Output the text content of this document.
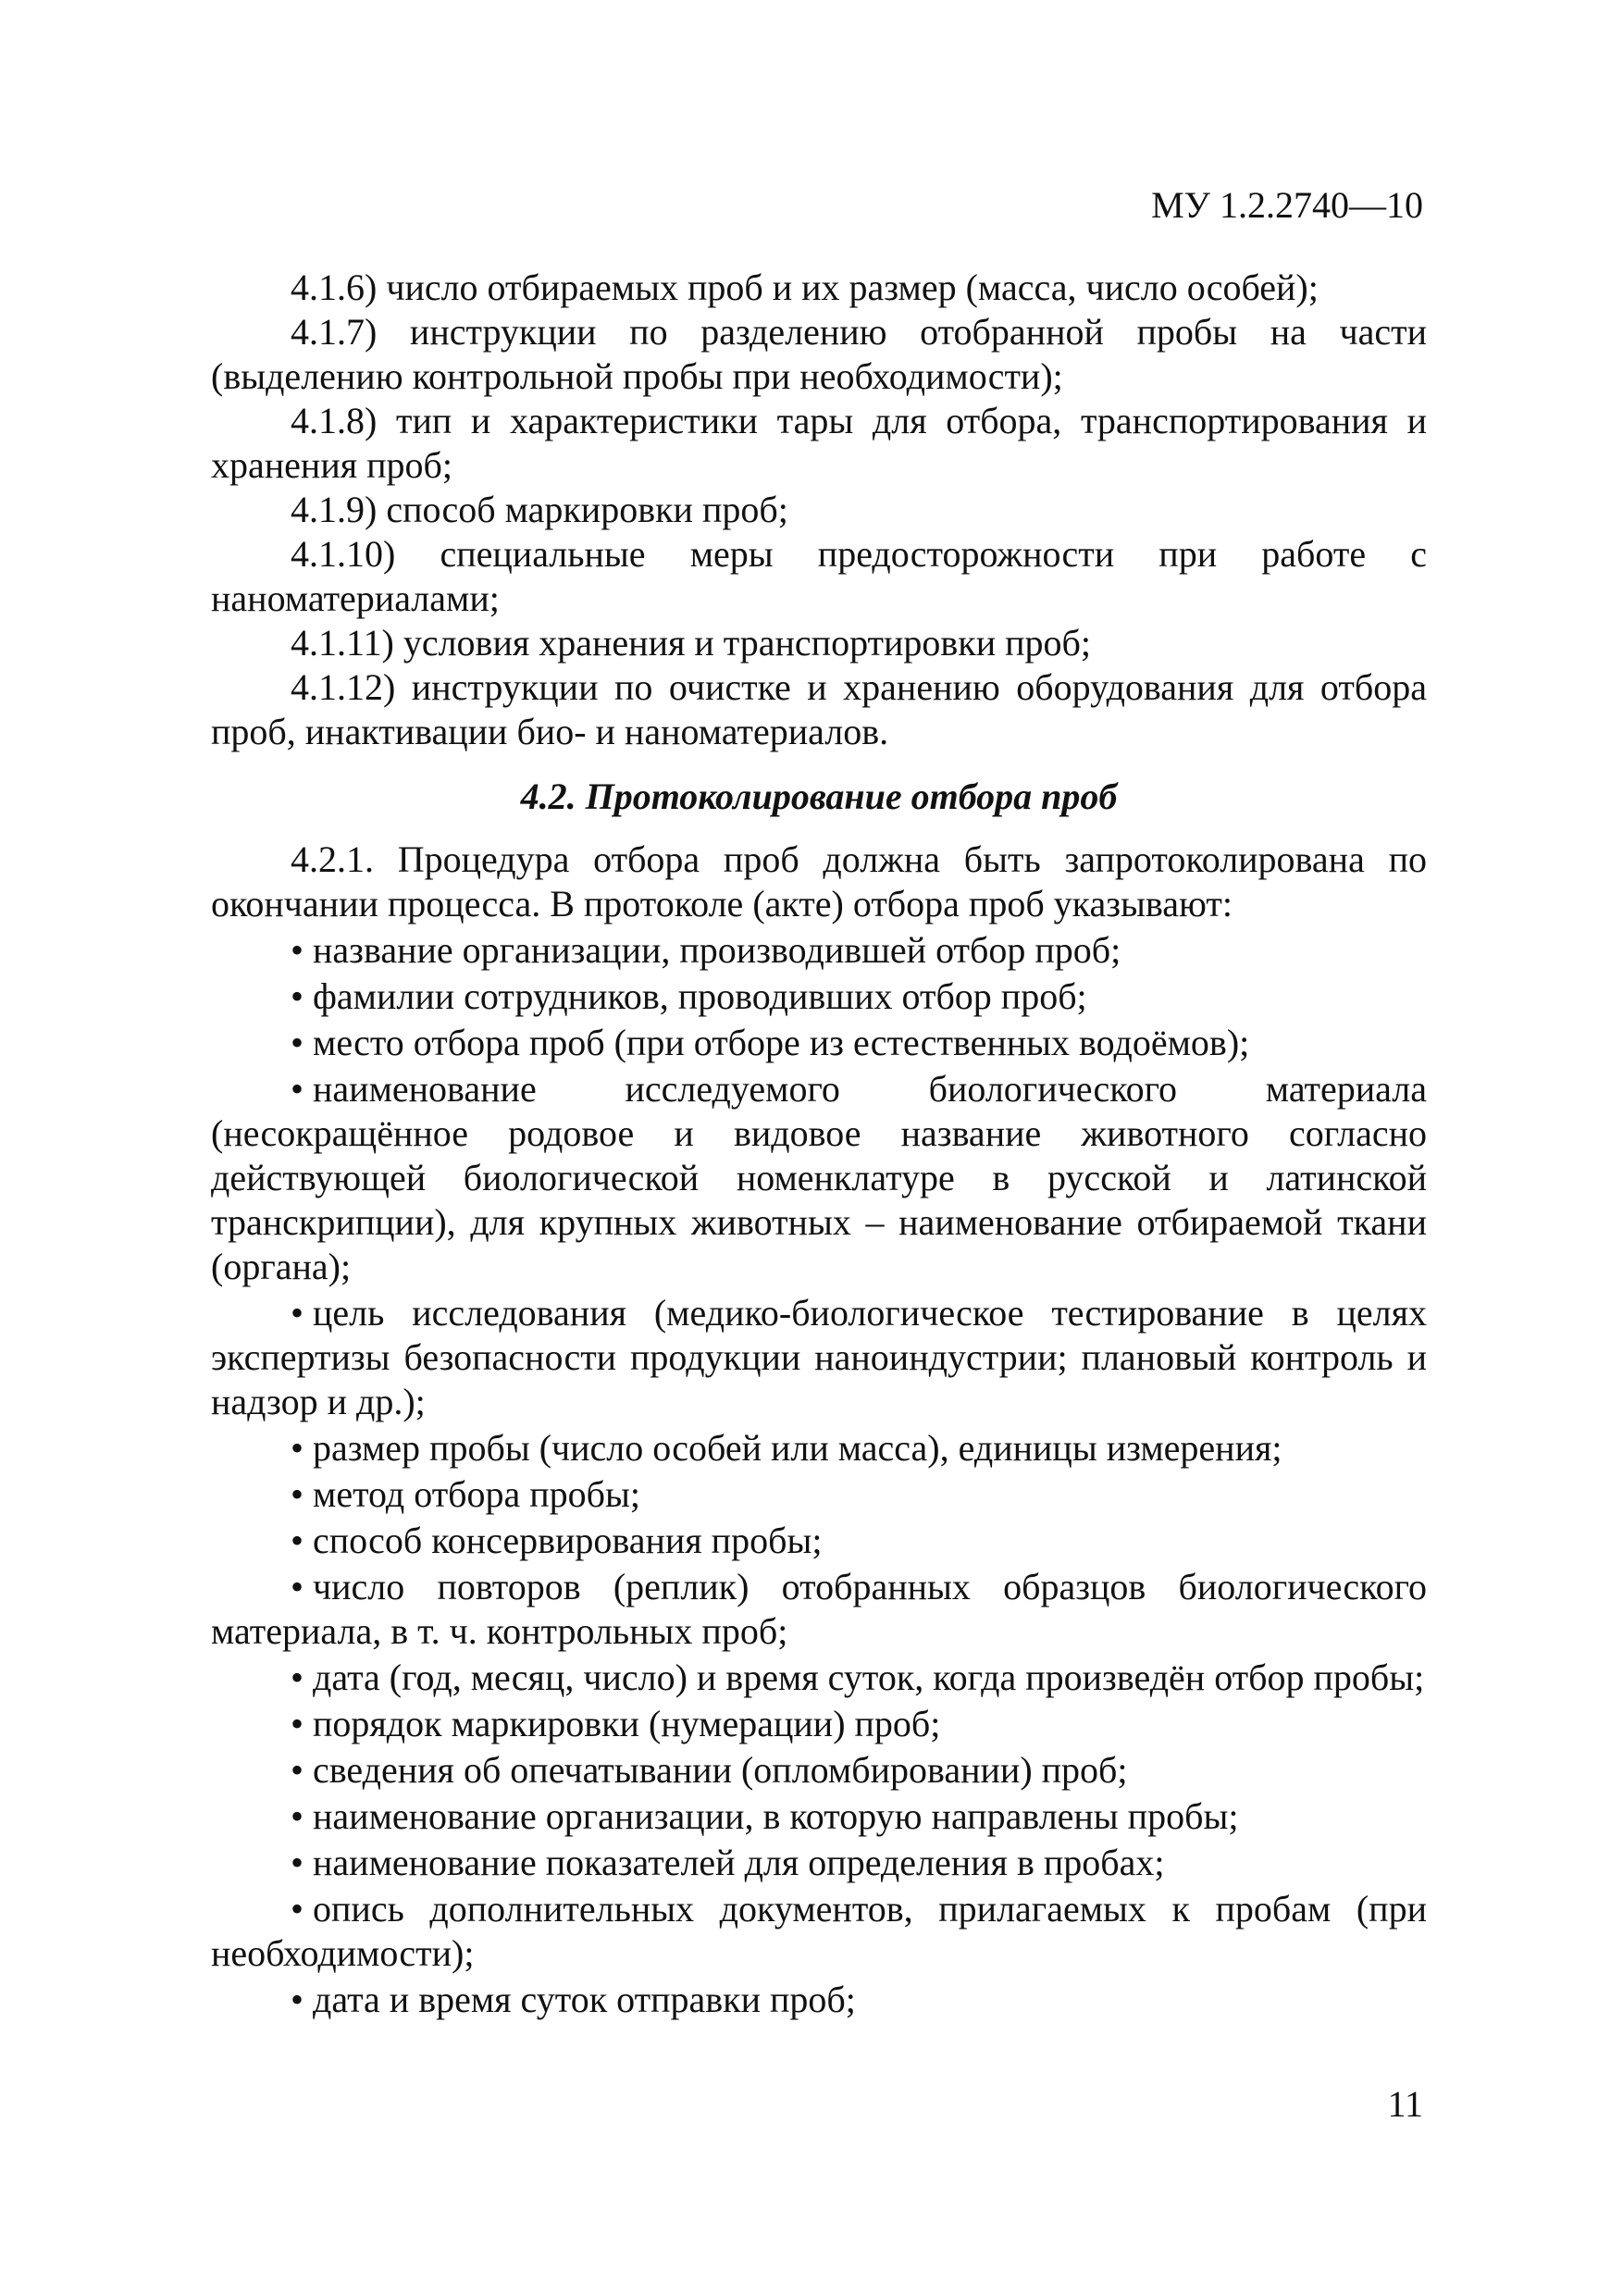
МУ 1.2.2740—10

4.1.6) число отбираемых проб и их размер (масса, число особей);

4.1.7) инструкции по разделению отобранной пробы на части (выделению контрольной пробы при необходимости);

4.1.8) тип и характеристики тары для отбора, транспортирования и хранения проб;

4.1.9) способ маркировки проб;

4.1.10) специальные меры предосторожности при работе с наноматериалами;

4.1.11) условия хранения и транспортировки проб;

4.1.12) инструкции по очистке и хранению оборудования для отбора проб, инактивации био- и наноматериалов.

4.2. Протоколирование отбора проб

4.2.1. Процедура отбора проб должна быть запротоколирована по окончании процесса. В протоколе (акте) отбора проб указывают:

• название организации, производившей отбор проб;
• фамилии сотрудников, проводивших отбор проб;
• место отбора проб (при отборе из естественных водоёмов);
• наименование исследуемого биологического материала (несокращённое родовое и видовое название животного согласно действующей биологической номенклатуре в русской и латинской транскрипции), для крупных животных – наименование отбираемой ткани (органа);
• цель исследования (медико-биологическое тестирование в целях экспертизы безопасности продукции наноиндустрии; плановый контроль и надзор и др.);
• размер пробы (число особей или масса), единицы измерения;
• метод отбора пробы;
• способ консервирования пробы;
• число повторов (реплик) отобранных образцов биологического материала, в т. ч. контрольных проб;
• дата (год, месяц, число) и время суток, когда произведён отбор пробы;
• порядок маркировки (нумерации) проб;
• сведения об опечатывании (опломбировании) проб;
• наименование организации, в которую направлены пробы;
• наименование показателей для определения в пробах;
• опись дополнительных документов, прилагаемых к пробам (при необходимости);
• дата и время суток отправки проб;
11
